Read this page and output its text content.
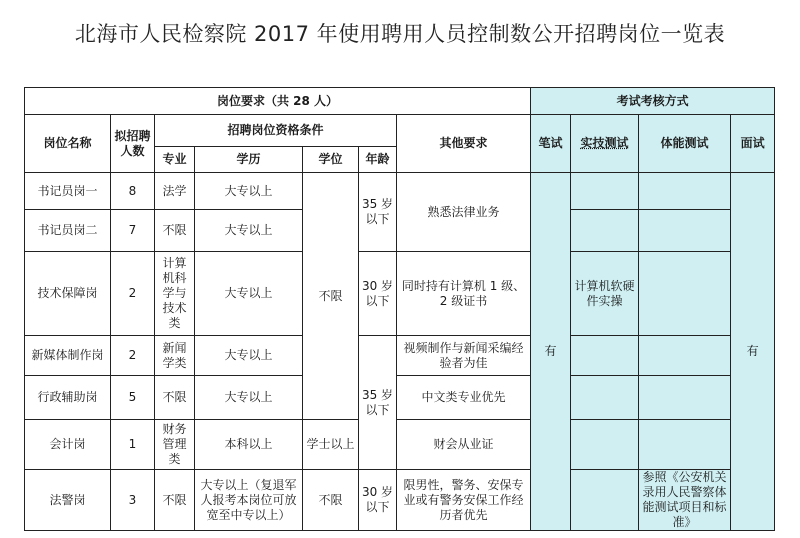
北海市人民检察院 2017 年使用聘用人员控制数公开招聘岗位一览表
岗位要求（共 28 人）							考试考核方式			
岗位名称	拟招聘人数	招聘岗位资格条件				其他要求	笔试	实技测试	体能测试	面试
		专业	学历	学位	年龄					
书记员岗一	8	法学	大专以上	不限	35 岁以下	熟悉法律业务	有			有
书记员岗二	7	不限	大专以上							
技术保障岗	2	计算机科学与技术类	大专以上		30 岁以下	同时持有计算机 1 级、2 级证书		计算机软硬件实操		
新媒体制作岗	2	新闻学类	大专以上		35 岁以下	视频制作与新闻采编经验者为佳				
行政辅助岗	5	不限	大专以上			中文类专业优先				
会计岗	1	财务管理类	本科以上	学士以上		财会从业证				
法警岗	3	不限	大专以上（复退军人报考本岗位可放宽至中专以上）	不限	30 岁以下	限男性，警务、安保专业或有警务安保工作经历者优先			参照《公安机关录用人民警察体能测试项目和标准》	
